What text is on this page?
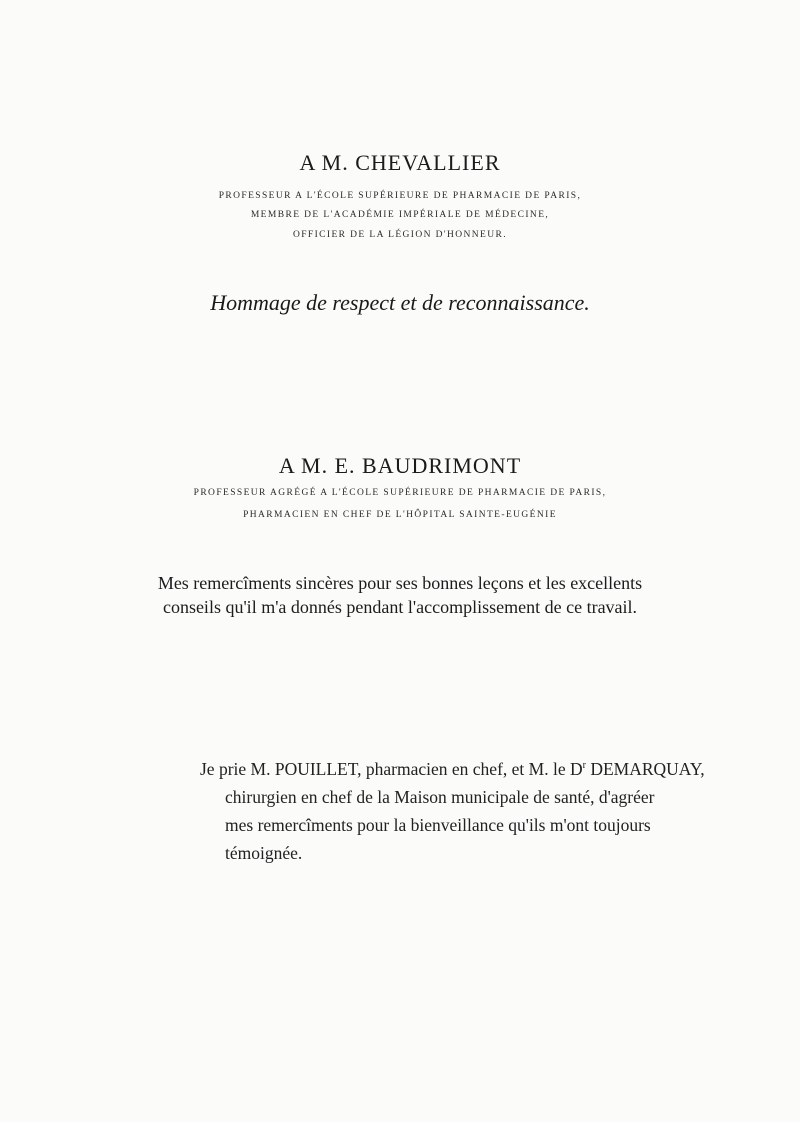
A M. CHEVALLIER
PROFESSEUR A L'ÉCOLE SUPÉRIEURE DE PHARMACIE DE PARIS,
MEMBRE DE L'ACADÉMIE IMPÉRIALE DE MÉDECINE,
OFFICIER DE LA LÉGION D'HONNEUR.
Hommage de respect et de reconnaissance.
A M. E. BAUDRIMONT
PROFESSEUR AGRÉGÉ A L'ÉCOLE SUPÉRIEURE DE PHARMACIE DE PARIS,
PHARMACIEN EN CHEF DE L'HÔPITAL SAINTE-EUGÉNIE
Mes remercîments sincères pour ses bonnes leçons et les excellents
conseils qu'il m'a donnés pendant l'accomplissement de ce travail.
Je prie M. POUILLET, pharmacien en chef, et M. le $D^r$ DEMARQUAY,
chirurgien en chef de la Maison municipale de santé, d'agréer
mes remercîments pour la bienveillance qu'ils m'ont toujours
témoignée.
